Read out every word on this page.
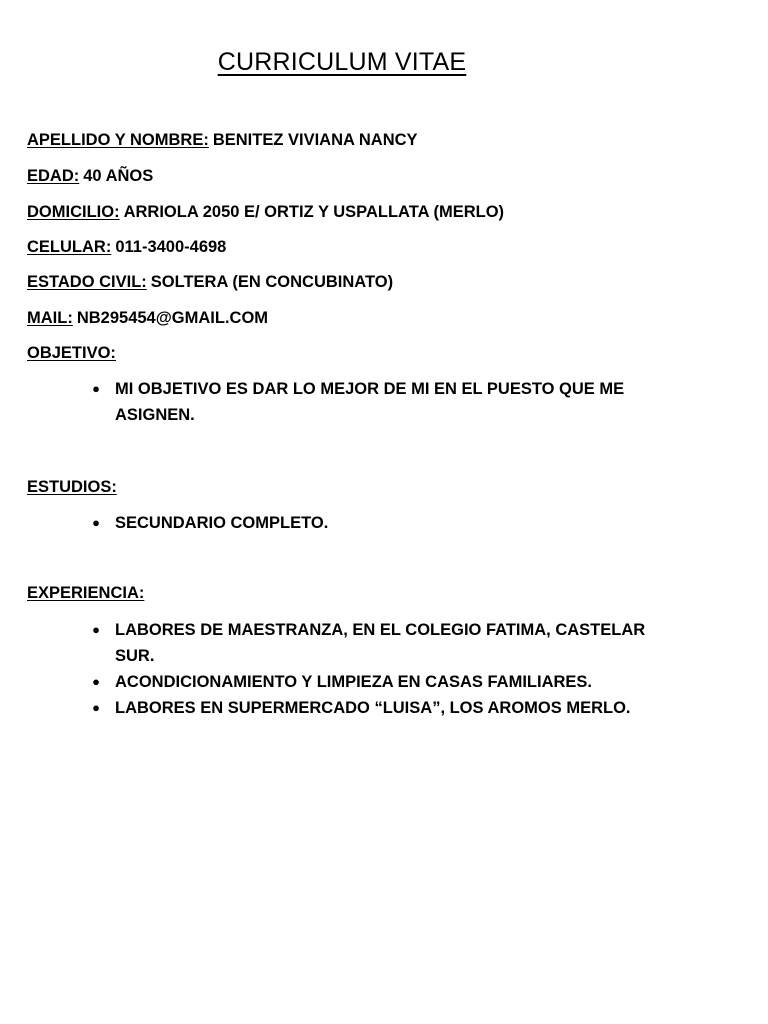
CURRICULUM VITAE
APELLIDO Y NOMBRE: BENITEZ VIVIANA NANCY
EDAD: 40 AÑOS
DOMICILIO: ARRIOLA 2050 E/ ORTIZ Y USPALLATA (MERLO)
CELULAR: 011-3400-4698
ESTADO CIVIL: SOLTERA (EN CONCUBINATO)
MAIL: NB295454@GMAIL.COM
OBJETIVO:
● MI OBJETIVO ES DAR LO MEJOR DE MI EN EL PUESTO QUE ME ASIGNEN.
ESTUDIOS:
● SECUNDARIO COMPLETO.
EXPERIENCIA:
● LABORES DE MAESTRANZA, EN EL COLEGIO FATIMA, CASTELAR SUR.
● ACONDICIONAMIENTO Y LIMPIEZA EN CASAS FAMILIARES.
● LABORES EN SUPERMERCADO “LUISA”, LOS AROMOS MERLO.
